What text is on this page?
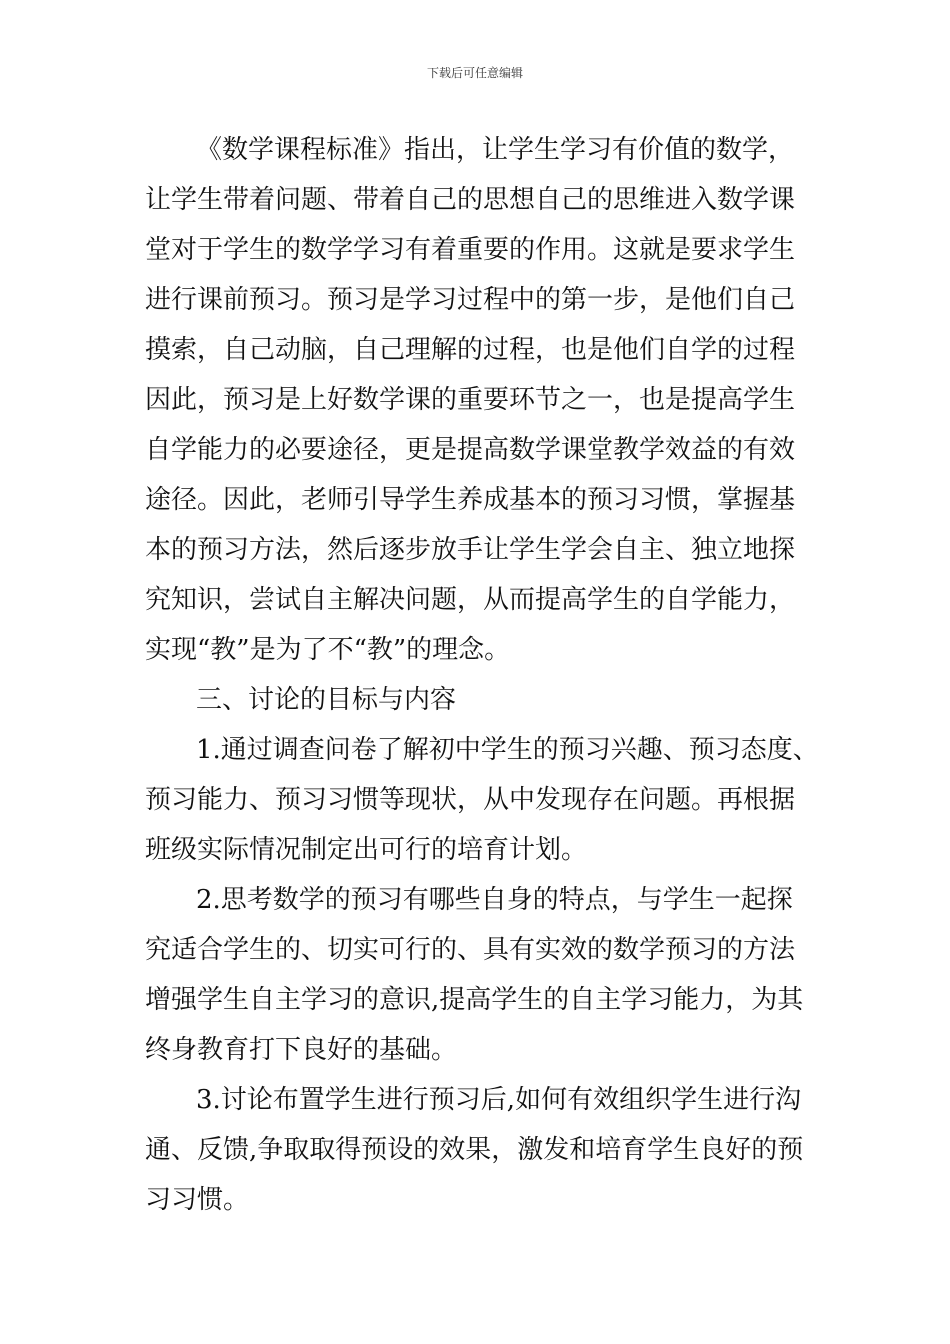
下载后可任意编辑
《数学课程标准》指出，让学生学习有价值的数学，
让学生带着问题、带着自己的思想自己的思维进入数学课
堂对于学生的数学学习有着重要的作用。这就是要求学生
进行课前预习。预习是学习过程中的第一步，是他们自己
摸索，自己动脑，自己理解的过程，也是他们自学的过程
因此，预习是上好数学课的重要环节之一，也是提高学生
自学能力的必要途径，更是提高数学课堂教学效益的有效
途径。因此，老师引导学生养成基本的预习习惯，掌握基
本的预习方法，然后逐步放手让学生学会自主、独立地探
究知识，尝试自主解决问题，从而提高学生的自学能力，
实现“教”是为了不“教”的理念。
三、讨论的目标与内容
1.通过调查问卷了解初中学生的预习兴趣、预习态度、
预习能力、预习习惯等现状，从中发现存在问题。再根据
班级实际情况制定出可行的培育计划。
2.思考数学的预习有哪些自身的特点，与学生一起探
究适合学生的、切实可行的、具有实效的数学预习的方法
增强学生自主学习的意识,提高学生的自主学习能力，为其
终身教育打下良好的基础。
3.讨论布置学生进行预习后,如何有效组织学生进行沟
通、反馈,争取取得预设的效果，激发和培育学生良好的预
习习惯。
